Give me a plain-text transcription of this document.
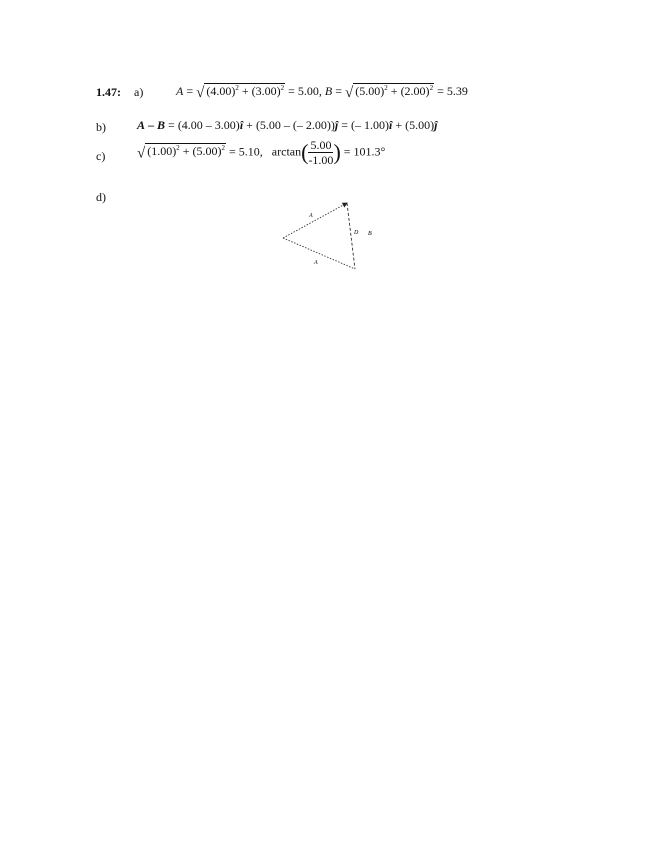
1.47: a)	A = √ $(4.00)^2 + (3.00)^2 = 5.00$, B = √ $(5.00)^2 + (2.00)^2 = 5.39$
b)	A – B = (4.00 – 3.00)î + (5.00 – (– 2.00))ĵ = (– 1.00)î + (5.00)ĵ
c) √ $(1.00)^2 + (5.00)^2 = 5.10$, $\arctan( \frac{5.00}{-1.00}$ ) = 101.3°
d)
A
D B
A
